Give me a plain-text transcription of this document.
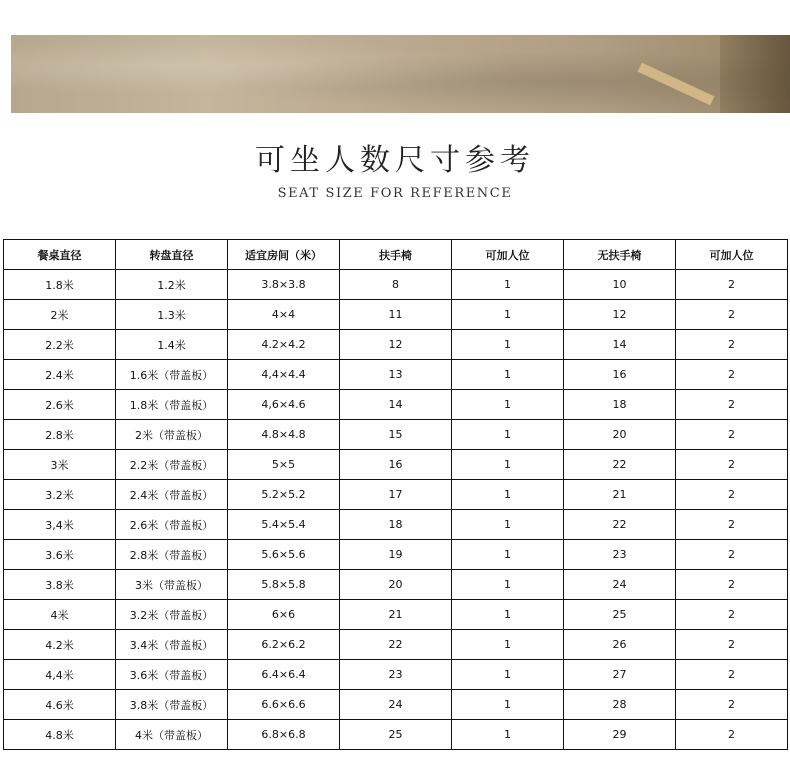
可坐人数尺寸参考
SEAT SIZE FOR REFERENCE
餐桌直径	转盘直径	适宜房间（米）	扶手椅	可加人位	无扶手椅	可加人位
1.8米	1.2米	3.8×3.8	8	1	10	2
2米	1.3米	4×4	11	1	12	2
2.2米	1.4米	4.2×4.2	12	1	14	2
2.4米	1.6米（带盖板）	4,4×4.4	13	1	16	2
2.6米	1.8米（带盖板）	4,6×4.6	14	1	18	2
2.8米	2米（带盖板）	4.8×4.8	15	1	20	2
3米	2.2米（带盖板）	5×5	16	1	22	2
3.2米	2.4米（带盖板）	5.2×5.2	17	1	21	2
3,4米	2.6米（带盖板）	5.4×5.4	18	1	22	2
3.6米	2.8米（带盖板）	5.6×5.6	19	1	23	2
3.8米	3米（带盖板）	5.8×5.8	20	1	24	2
4米	3.2米（带盖板）	6×6	21	1	25	2
4.2米	3.4米（带盖板）	6.2×6.2	22	1	26	2
4,4米	3.6米（带盖板）	6.4×6.4	23	1	27	2
4.6米	3.8米（带盖板）	6.6×6.6	24	1	28	2
4.8米	4米（带盖板）	6.8×6.8	25	1	29	2
